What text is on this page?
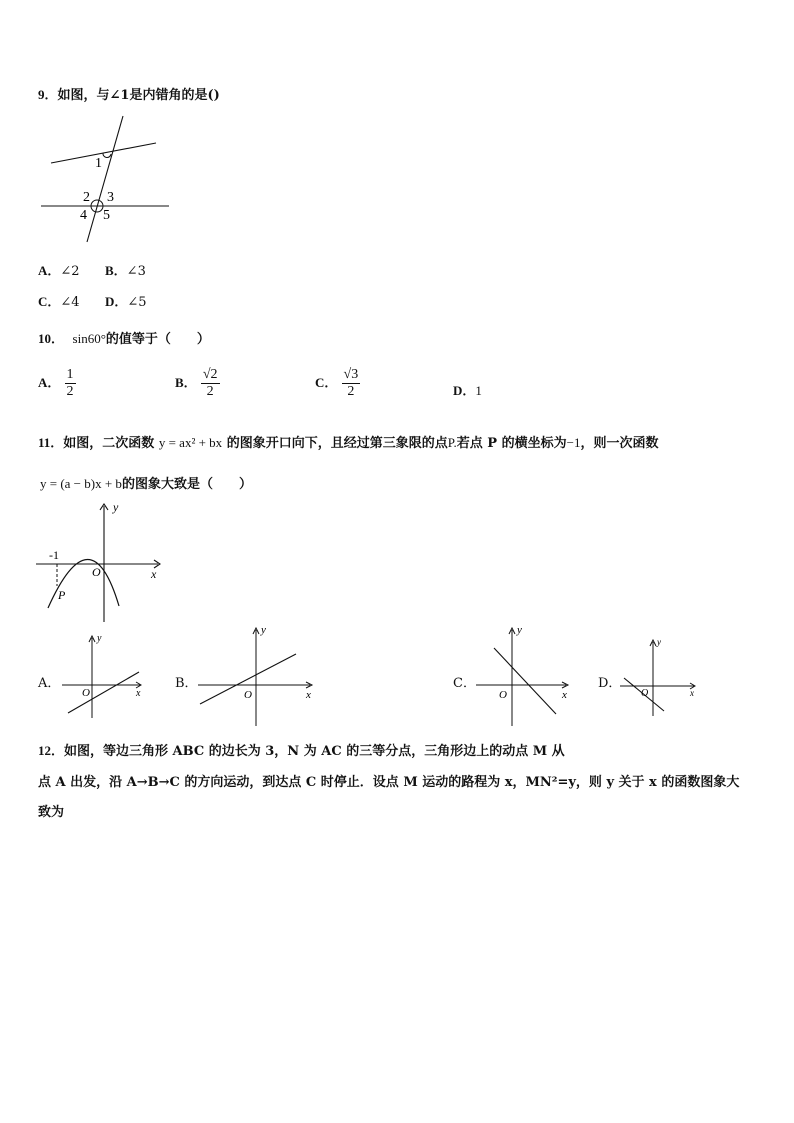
9．如图，与∠1是内错角的是()
1
2 3
4 5
A．∠2 B．∠3
C．∠4 D．∠5
10． sin60°的值等于（　　）
A． $\frac{1}{2}$	B． $\frac{√2}{2}$	C． $\frac{√3}{2}$	D．1
11．如图，二次函数 y = ax² + bx 的图象开口向下，且经过第三象限的点P.若点 P 的横坐标为−1，则一次函数
y = (a − b)x + b的图象大致是（　　）
-1
O	x
y
P
A．
O	x
y
B．
O	x
y
C．
O	x
y
D．
O	x
y
12．如图，等边三角形 ABC 的边长为 3，N 为 AC 的三等分点，三角形边上的动点 M 从
点 A 出发，沿 A→B→C 的方向运动，到达点 C 时停止．设点 M 运动的路程为 x，MN²=y，则 y 关于 x 的函数图象大
致为
